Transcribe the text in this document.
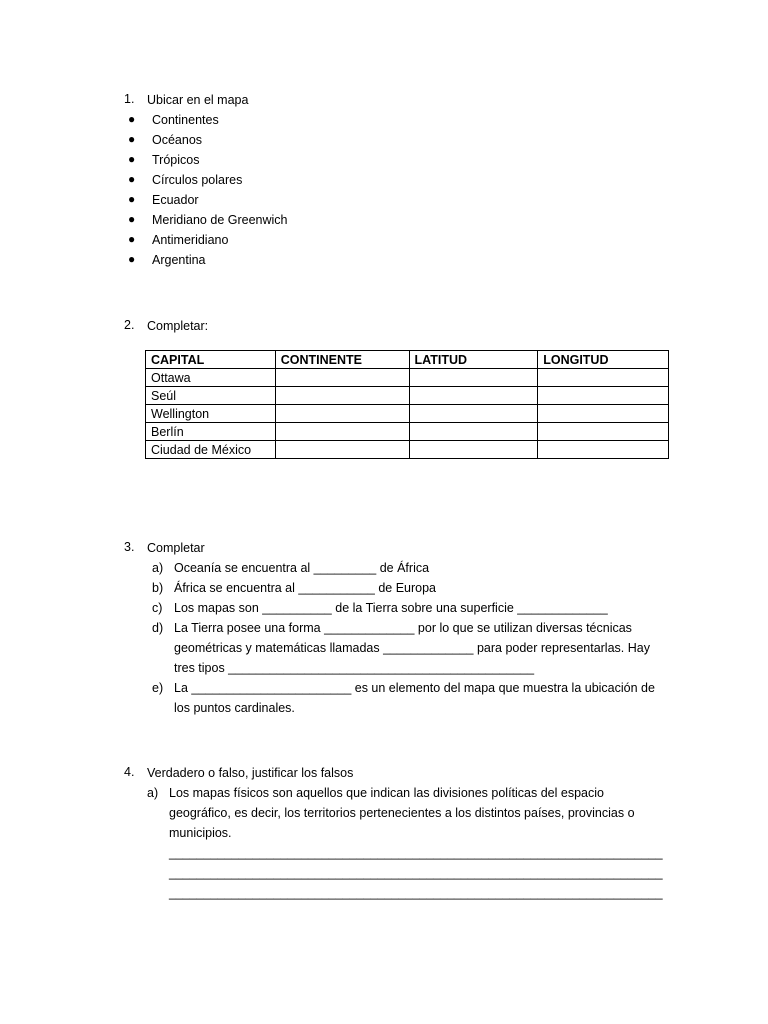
1. Ubicar en el mapa
● Continentes
● Océanos
● Trópicos
● Círculos polares
● Ecuador
● Meridiano de Greenwich
● Antimeridiano
● Argentina
2. Completar:
CAPITAL	CONTINENTE	LATITUD	LONGITUD
Ottawa			
Seúl			
Wellington			
Berlín			
Ciudad de México			
3. Completar
a) Oceanía se encuentra al _________ de África
b) África se encuentra al ___________ de Europa
c) Los mapas son __________ de la Tierra sobre una superficie _____________
d) La Tierra posee una forma _____________ por lo que se utilizan diversas técnicas
geométricas y matemáticas llamadas _____________ para poder representarlas. Hay
tres tipos ____________________________________________
e) La _______________________ es un elemento del mapa que muestra la ubicación de
los puntos cardinales.
4. Verdadero o falso, justificar los falsos
a) Los mapas físicos son aquellos que indican las divisiones políticas del espacio
geográfico, es decir, los territorios pertenecientes a los distintos países, provincias o
municipios.
_______________________________________________________________________
_______________________________________________________________________
_______________________________________________________________________
